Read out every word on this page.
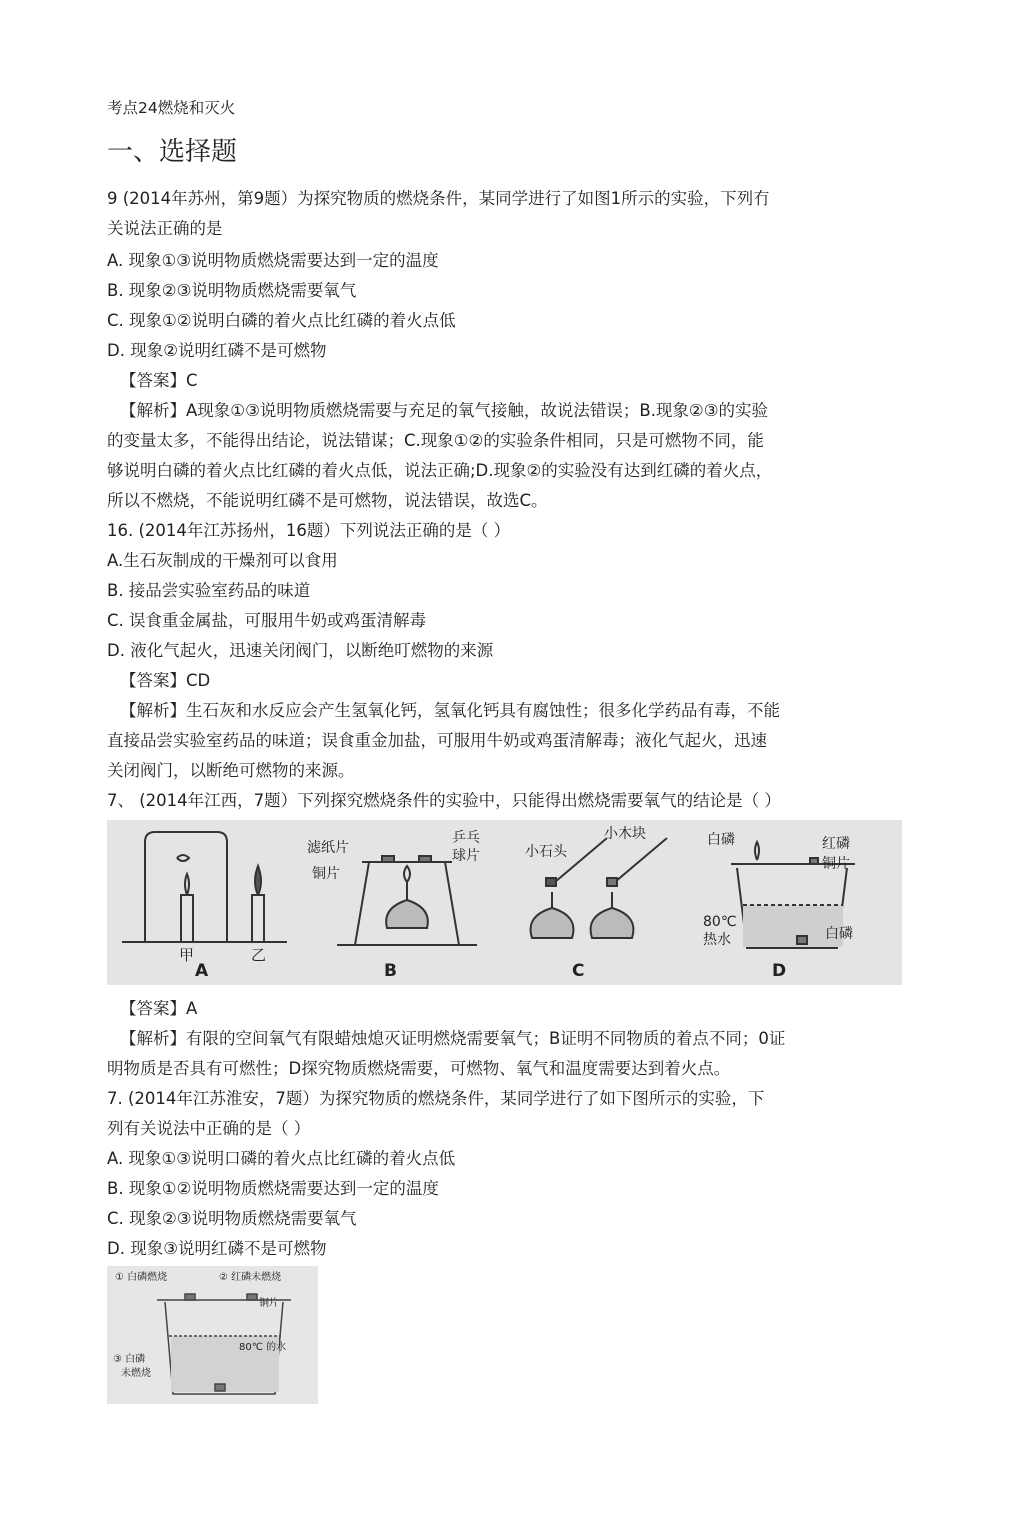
考点24燃烧和灭火
一、选择题
9 (2014年苏州，第9题）为探究物质的燃烧条件，某同学进行了如图1所示的实验，下列冇
关说法正确的是
A. 现象①③说明物质燃烧需要达到一定的温度
B. 现象②③说明物质燃烧需要氧气
C. 现象①②说明白磷的着火点比红磷的着火点低
D. 现象②说明红磷不是可燃物
【答案】C
【解析】A现象①③说明物质燃烧需要与充足的氧气接触，故说法错误；B.现象②③的实验
的变量太多，不能得出结论，说法错谋；C.现象①②的实验条件相同，只是可燃物不同，能
够说明白磷的着火点比红磷的着火点低，说法正确;D.现象②的实验没有达到红磷的着火点，
所以不燃烧，不能说明红磷不是可燃物，说法错误，故选C。
16. (2014年江苏扬州，16题）下列说法正确的是（ ）
A.生石灰制成的干燥剂可以食用
B. 接品尝实验室药品的味道
C. 误食重金属盐，可服用牛奶或鸡蛋清解毒
D. 液化气起火，迅速关闭阀门，以断绝叮燃物的来源
【答案】CD
【解析】生石灰和水反应会产生氢氧化钙，氢氧化钙具有腐蚀性；很多化学药品有毒，不能
直接品尝实验室药品的味道；误食重金加盐，可服用牛奶或鸡蛋清解毒；液化气起火，迅速
关闭阀门，以断绝可燃物的来源。
7、 (2014年江西，7题）下列探究燃烧条件的实验中，只能得出燃烧需要氧气的结论是（ ）
甲	乙
A
滤纸片
铜片
乒乓
球片
B
小石头
小木块
C
白磷	红磷
铜片
80℃
热水	白磷
D
【答案】A
【解析】有限的空间氧气有限蜡烛熄灭证明燃烧需要氧气；B证明不同物质的着点不同；0证
明物质是否具有可燃性；D探究物质燃烧需要，可燃物、氧气和温度需要达到着火点。
7. (2014年江苏淮安，7题）为探究物质的燃烧条件，某同学进行了如下图所示的实验，下
列有关说法中正确的是（ ）
A. 现象①③说明口磷的着火点比红磷的着火点低
B. 现象①②说明物质燃烧需要达到一定的温度
C. 现象②③说明物质燃烧需要氧气
D. 现象③说明红磷不是可燃物
① 白磷燃烧	② 红磷未燃烧
铜片
③ 白磷
未燃烧
80℃ 的水
